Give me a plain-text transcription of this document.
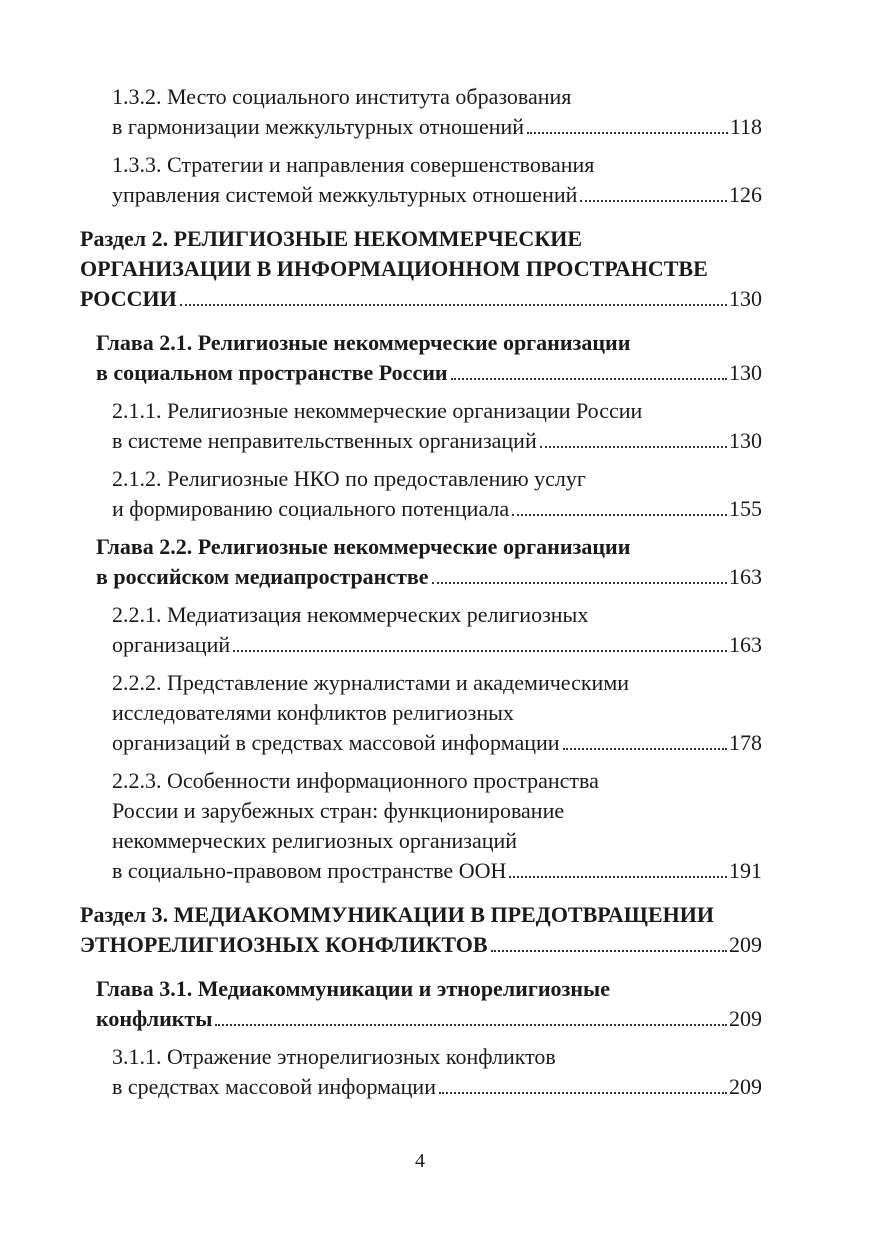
1.3.2. Место социального института образования
в гармонизации межкультурных отношений	118
1.3.3. Стратегии и направления совершенствования
управления системой межкультурных отношений	126
Раздел 2. РЕЛИГИОЗНЫЕ НЕКОММЕРЧЕСКИЕ
ОРГАНИЗАЦИИ В ИНФОРМАЦИОННОМ ПРОСТРАНСТВЕ
РОССИИ	130
Глава 2.1. Религиозные некоммерческие организации
в социальном пространстве России	130
2.1.1. Религиозные некоммерческие организации России
в системе неправительственных организаций	130
2.1.2. Религиозные НКО по предоставлению услуг
и формированию социального потенциала	155
Глава 2.2. Религиозные некоммерческие организации
в российском медиапространстве	163
2.2.1. Медиатизация некоммерческих религиозных
организаций	163
2.2.2. Представление журналистами и академическими
исследователями конфликтов религиозных
организаций в средствах массовой информации	178
2.2.3. Особенности информационного пространства
России и зарубежных стран: функционирование
некоммерческих религиозных организаций
в социально-правовом пространстве ООН	191
Раздел 3. МЕДИАКОММУНИКАЦИИ В ПРЕДОТВРАЩЕНИИ
ЭТНОРЕЛИГИОЗНЫХ КОНФЛИКТОВ	209
Глава 3.1. Медиакоммуникации и этнорелигиозные
конфликты	209
3.1.1. Отражение этнорелигиозных конфликтов
в средствах массовой информации	209
4
